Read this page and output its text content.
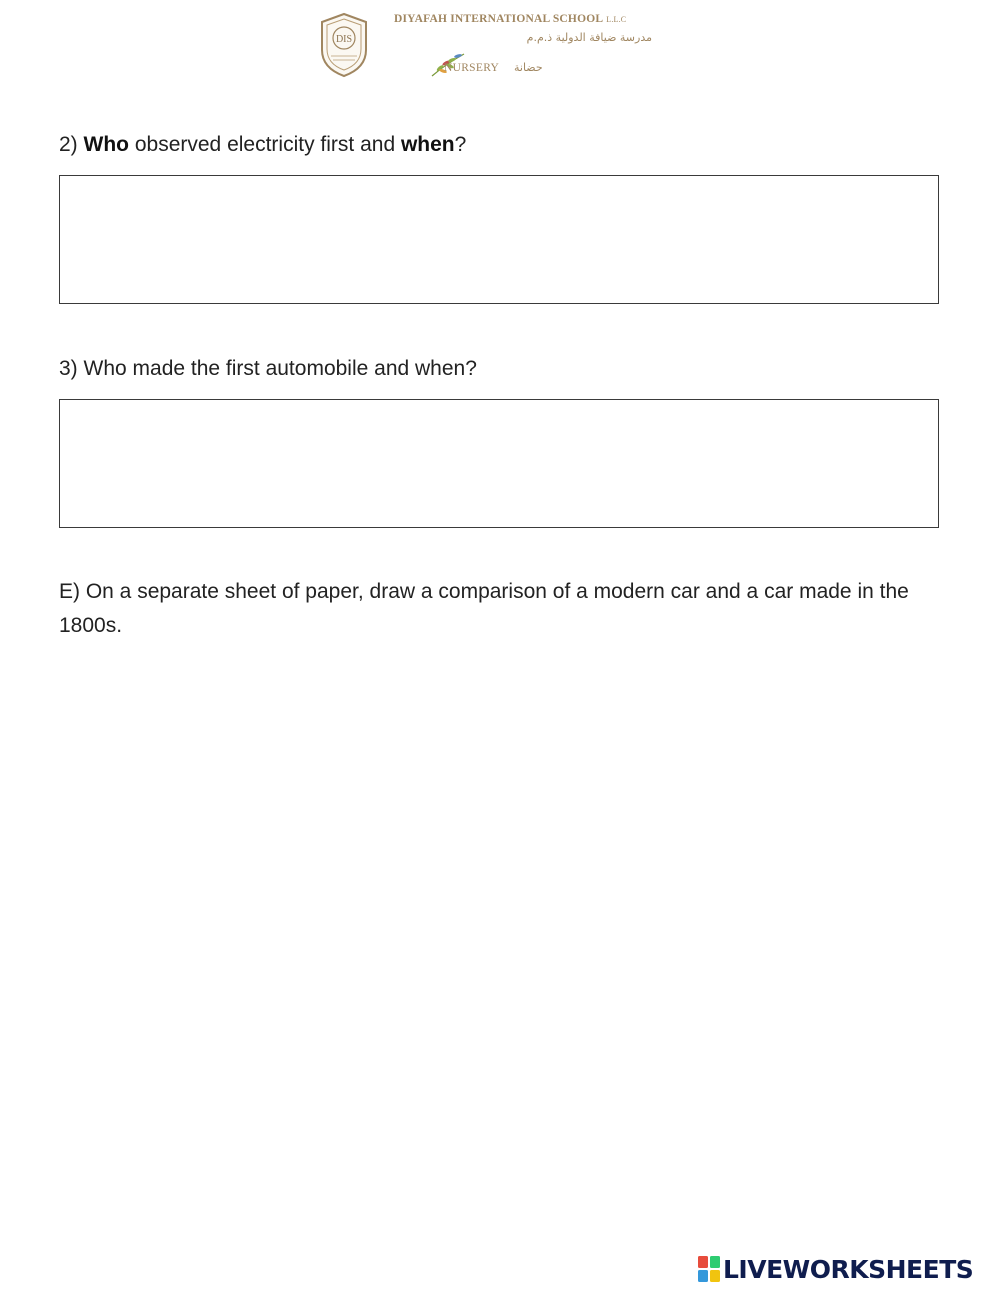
DIS
DIYAFAH INTERNATIONAL SCHOOL L.L.C
مدرسة ضيافة الدولية ذ.م.م
NURSERY حضانة
2) Who observed electricity first and when?
3) Who made the first automobile and when?
E) On a separate sheet of paper, draw a comparison of a modern car and a car made in the 1800s.
LIVEWORKSHEETS
